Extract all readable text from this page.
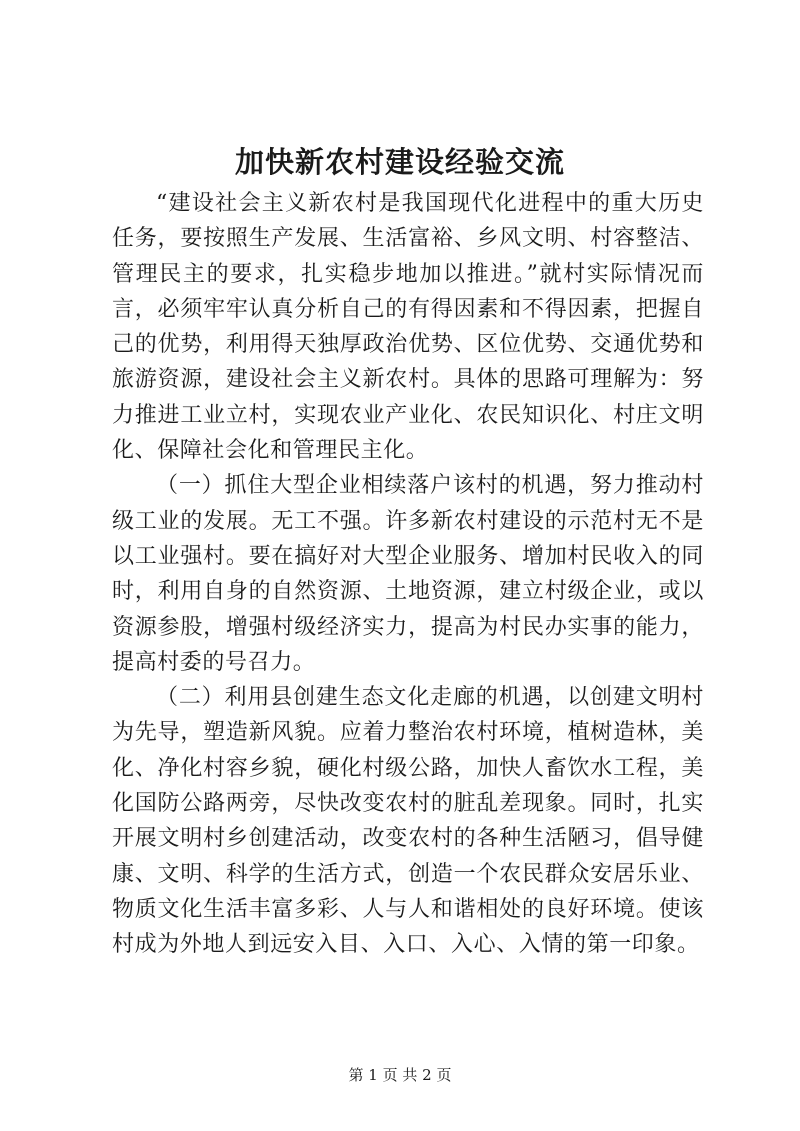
加快新农村建设经验交流

“建设社会主义新农村是我国现代化进程中的重大历史任务，要按照生产发展、生活富裕、乡风文明、村容整洁、管理民主的要求，扎实稳步地加以推进。”就村实际情况而言，必须牢牢认真分析自己的有得因素和不得因素，把握自己的优势，利用得天独厚政治优势、区位优势、交通优势和旅游资源，建设社会主义新农村。具体的思路可理解为：努力推进工业立村，实现农业产业化、农民知识化、村庄文明化、保障社会化和管理民主化。

（一）抓住大型企业相续落户该村的机遇，努力推动村级工业的发展。无工不强。许多新农村建设的示范村无不是以工业强村。要在搞好对大型企业服务、增加村民收入的同时，利用自身的自然资源、土地资源，建立村级企业，或以资源参股，增强村级经济实力，提高为村民办实事的能力，提高村委的号召力。

（二）利用县创建生态文化走廊的机遇，以创建文明村为先导，塑造新风貌。应着力整治农村环境，植树造林，美化、净化村容乡貌，硬化村级公路，加快人畜饮水工程，美化国防公路两旁，尽快改变农村的脏乱差现象。同时，扎实开展文明村乡创建活动，改变农村的各种生活陋习，倡导健康、文明、科学的生活方式，创造一个农民群众安居乐业、物质文化生活丰富多彩、人与人和谐相处的良好环境。使该村成为外地人到远安入目、入口、入心、入情的第一印象。

第 1 页 共 2 页
